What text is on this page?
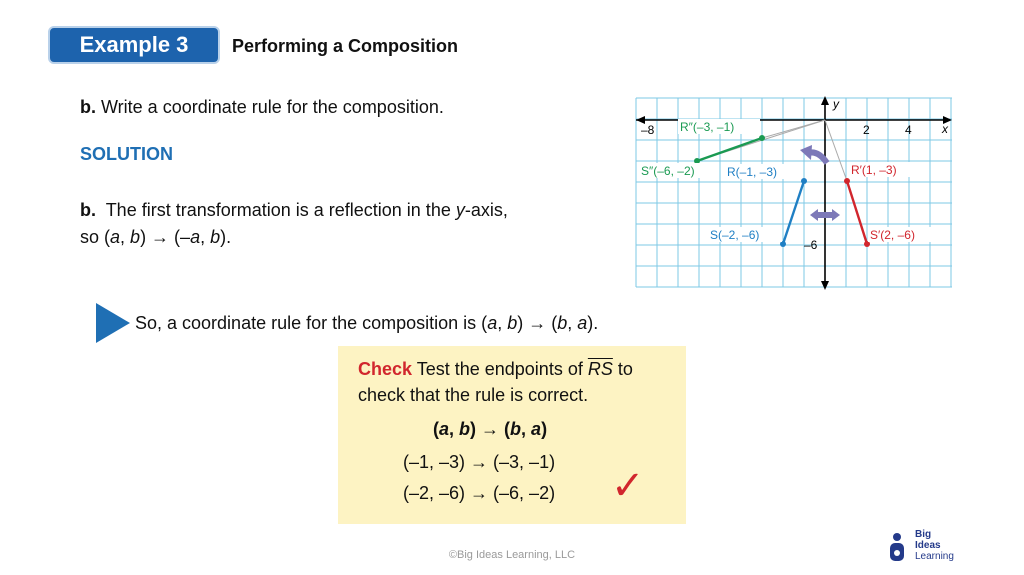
Example 3	Performing a Composition
b. Write a coordinate rule for the composition.
SOLUTION
b. The first transformation is a reflection in the y-axis,
so (a, b) → (–a, b).
So, a coordinate rule for the composition is (a, b) → (b, a).
Check Test the endpoints of $\overline{RS}$ to
check that the rule is correct.
(a, b) → (b, a)
(–1, –3) → (–3, –1)
(–2, –6) → (–6, –2) ✓
y
x
–8	2	4
–6
R″(–3, –1)
S″(–6, –2)	R(–1, –3)
S(–2, –6)
R′(1, –3)
S′(2, –6)
©Big Ideas Learning, LLC
Big
Ideas
Learning
